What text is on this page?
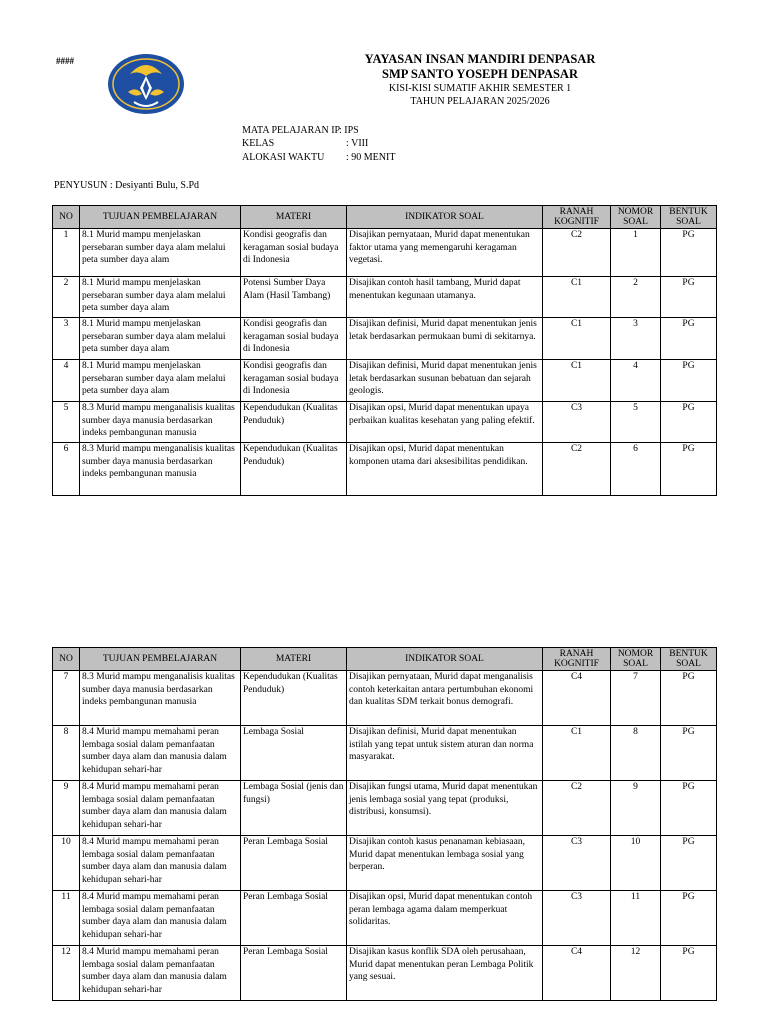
####	YAYASAN INSAN MANDIRI DENPASAR
SMP SANTO YOSEPH DENPASAR
KISI-KISI SUMATIF AKHIR SEMESTER 1
TAHUN PELAJARAN 2025/2026
MATA PELAJARAN IP
: IPS
KELAS	: VIII
ALOKASI WAKTU : 90 MENIT
PENYUSUN : Desiyanti Bulu, S.Pd
NO	TUJUAN PEMBELAJARAN	MATERI	INDIKATOR SOAL	RANAH KOGNITIF	NOMOR SOAL	BENTUK SOAL
1	8.1 Murid mampu menjelaskan persebaran sumber daya alam melalui peta sumber daya alam	Kondisi geografis dan keragaman sosial budaya di Indonesia	Disajikan pernyataan, Murid dapat menentukan faktor utama yang memengaruhi keragaman vegetasi.	C2	1	PG
2	8.1 Murid mampu menjelaskan persebaran sumber daya alam melalui peta sumber daya alam	Potensi Sumber Daya Alam (Hasil Tambang)	Disajikan contoh hasil tambang, Murid dapat menentukan kegunaan utamanya.	C1	2	PG
3	8.1 Murid mampu menjelaskan persebaran sumber daya alam melalui peta sumber daya alam	Kondisi geografis dan keragaman sosial budaya di Indonesia	Disajikan definisi, Murid dapat menentukan jenis letak berdasarkan permukaan bumi di sekitarnya.	C1	3	PG
4	8.1 Murid mampu menjelaskan persebaran sumber daya alam melalui peta sumber daya alam	Kondisi geografis dan keragaman sosial budaya di Indonesia	Disajikan definisi, Murid dapat menentukan jenis letak berdasarkan susunan bebatuan dan sejarah geologis.	C1	4	PG
5	8.3 Murid mampu menganalisis kualitas sumber daya manusia berdasarkan indeks pembangunan manusia	Kependudukan (Kualitas Penduduk)	Disajikan opsi, Murid dapat menentukan upaya perbaikan kualitas kesehatan yang paling efektif.	C3	5	PG
6	8.3 Murid mampu menganalisis kualitas sumber daya manusia berdasarkan indeks pembangunan manusia	Kependudukan (Kualitas Penduduk)	Disajikan opsi, Murid dapat menentukan komponen utama dari aksesibilitas pendidikan.	C2	6	PG
NO	TUJUAN PEMBELAJARAN	MATERI	INDIKATOR SOAL	RANAH KOGNITIF	NOMOR SOAL	BENTUK SOAL
7	8.3 Murid mampu menganalisis kualitas sumber daya manusia berdasarkan indeks pembangunan manusia	Kependudukan (Kualitas Penduduk)	Disajikan pernyataan, Murid dapat menganalisis contoh keterkaitan antara pertumbuhan ekonomi dan kualitas SDM terkait bonus demografi.	C4	7	PG
8	8.4 Murid mampu memahami peran lembaga sosial dalam pemanfaatan sumber daya alam dan manusia dalam kehidupan sehari-har	Lembaga Sosial	Disajikan definisi, Murid dapat menentukan istilah yang tepat untuk sistem aturan dan norma masyarakat.	C1	8	PG
9	8.4 Murid mampu memahami peran lembaga sosial dalam pemanfaatan sumber daya alam dan manusia dalam kehidupan sehari-har	Lembaga Sosial (jenis dan fungsi)	Disajikan fungsi utama, Murid dapat menentukan jenis lembaga sosial yang tepat (produksi, distribusi, konsumsi).	C2	9	PG
10	8.4 Murid mampu memahami peran lembaga sosial dalam pemanfaatan sumber daya alam dan manusia dalam kehidupan sehari-har	Peran Lembaga Sosial	Disajikan contoh kasus penanaman kebiasaan, Murid dapat menentukan lembaga sosial yang berperan.	C3	10	PG
11	8.4 Murid mampu memahami peran lembaga sosial dalam pemanfaatan sumber daya alam dan manusia dalam kehidupan sehari-har	Peran Lembaga Sosial	Disajikan opsi, Murid dapat menentukan contoh peran lembaga agama dalam memperkuat solidaritas.	C3	11	PG
12	8.4 Murid mampu memahami peran lembaga sosial dalam pemanfaatan sumber daya alam dan manusia dalam kehidupan sehari-har	Peran Lembaga Sosial	Disajikan kasus konflik SDA oleh perusahaan, Murid dapat menentukan peran Lembaga Politik yang sesuai.	C4	12	PG
